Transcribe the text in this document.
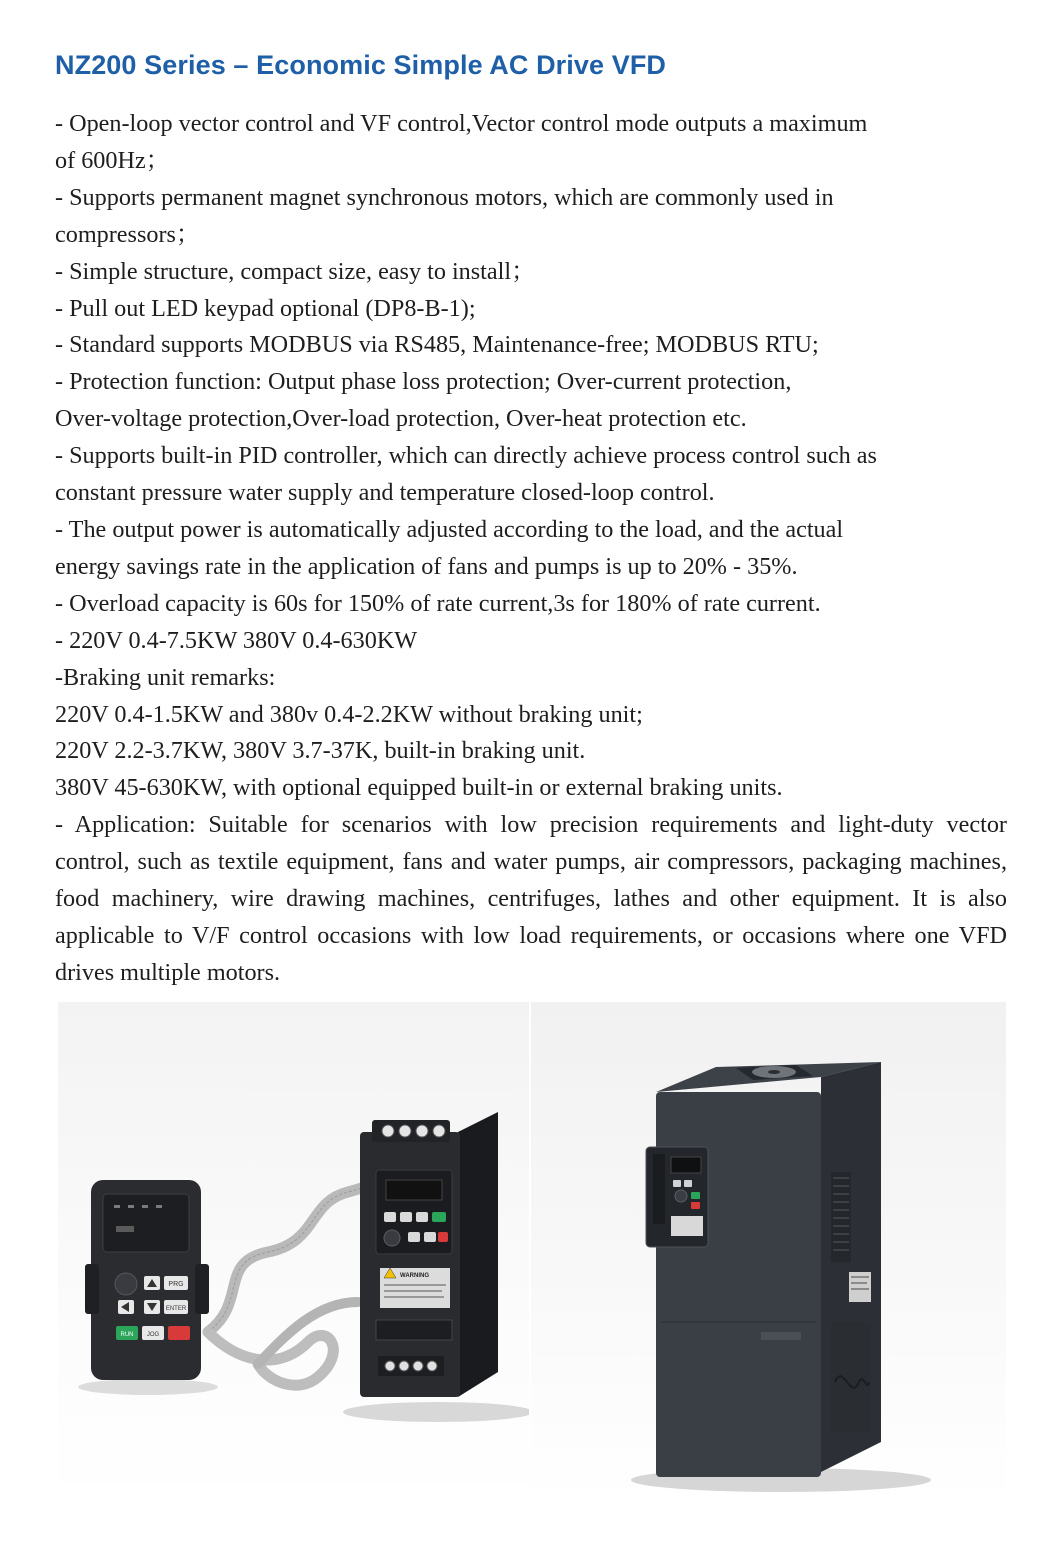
NZ200 Series – Economic Simple AC Drive VFD

- Open-loop vector control and VF control,Vector control mode outputs a maximum

of 600Hz；

- Supports permanent magnet synchronous motors, which are commonly used in

compressors；

- Simple structure, compact size, easy to install；

- Pull out LED keypad optional (DP8-B-1);

- Standard supports MODBUS via RS485, Maintenance-free; MODBUS RTU;

- Protection function: Output phase loss protection; Over-current protection,

Over-voltage protection,Over-load protection, Over-heat protection etc.

- Supports built-in PID controller, which can directly achieve process control such as

constant pressure water supply and temperature closed-loop control.

- The output power is automatically adjusted according to the load, and the actual

energy savings rate in the application of fans and pumps is up to 20% - 35%.

- Overload capacity is 60s for 150% of rate current,3s for 180% of rate current.

- 220V 0.4-7.5KW 380V 0.4-630KW

-Braking unit remarks:

220V 0.4-1.5KW and 380v 0.4-2.2KW without braking unit;

220V 2.2-3.7KW, 380V 3.7-37K, built-in braking unit.

380V 45-630KW, with optional equipped built-in or external braking units.

- Application: Suitable for scenarios with low precision requirements and light-duty vector control, such as textile equipment, fans and water pumps, air compressors, packaging machines, food machinery, wire drawing machines, centrifuges, lathes and other equipment. It is also applicable to V/F control occasions with low load requirements, or occasions where one VFD drives multiple motors.

PRG
ENTER
RUN JOG
WARNING
